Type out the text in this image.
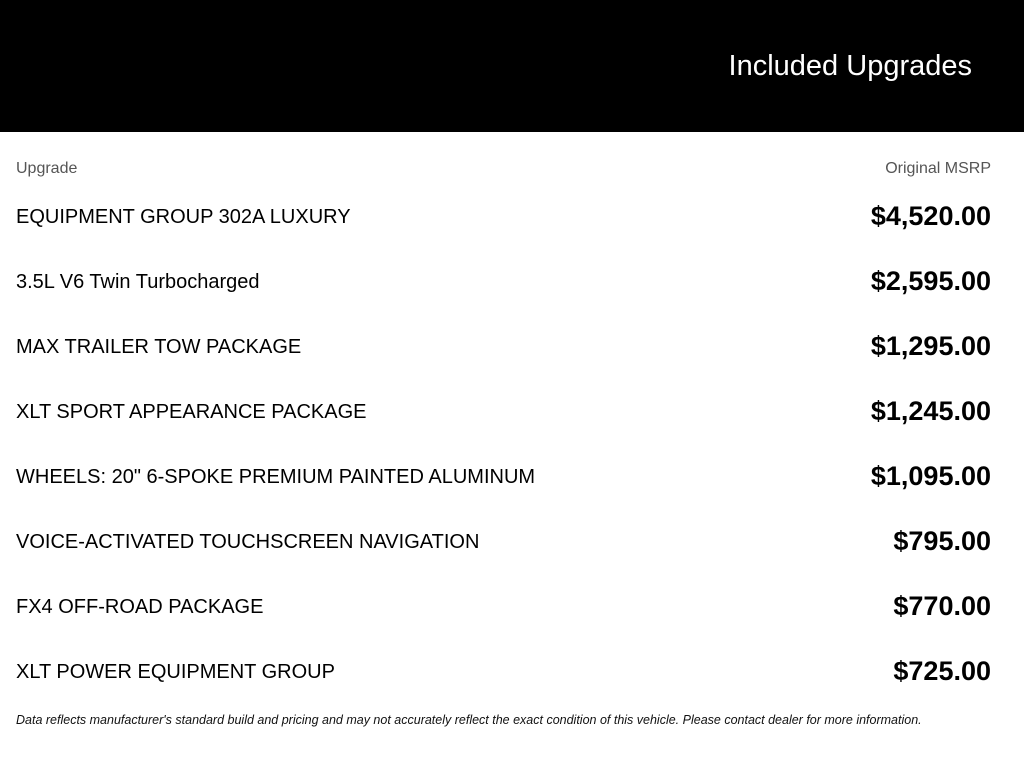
Included Upgrades
Upgrade	Original MSRP
EQUIPMENT GROUP 302A LUXURY	$4,520.00
3.5L V6 Twin Turbocharged	$2,595.00
MAX TRAILER TOW PACKAGE	$1,295.00
XLT SPORT APPEARANCE PACKAGE	$1,245.00
WHEELS: 20" 6-SPOKE PREMIUM PAINTED ALUMINUM	$1,095.00
VOICE-ACTIVATED TOUCHSCREEN NAVIGATION	$795.00
FX4 OFF-ROAD PACKAGE	$770.00
XLT POWER EQUIPMENT GROUP	$725.00
Data reflects manufacturer's standard build and pricing and may not accurately reflect the exact condition of this vehicle. Please contact dealer for more information.
